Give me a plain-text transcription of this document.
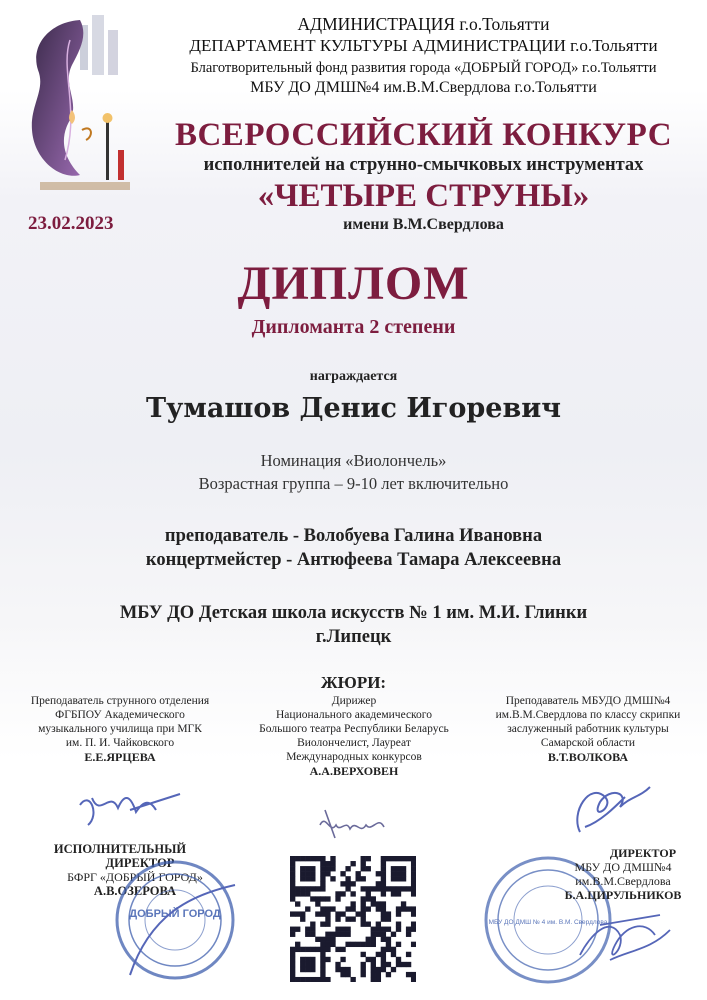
АДМИНИСТРАЦИЯ г.о.Тольятти
ДЕПАРТАМЕНТ КУЛЬТУРЫ АДМИНИСТРАЦИИ г.о.Тольятти
Благотворительный фонд развития города «ДОБРЫЙ ГОРОД» г.о.Тольятти
МБУ ДО ДМШ№4 им.В.М.Свердлова г.о.Тольятти
ВСЕРОССИЙСКИЙ КОНКУРС
исполнителей на струнно-смычковых инструментах
«ЧЕТЫРЕ СТРУНЫ»
имени В.М.Свердлова
23.02.2023
ДИПЛОМ
Дипломанта 2 степени
награждается
Тумашов Денис Игоревич
Номинация «Виолончель»
Возрастная группа – 9-10 лет включительно
преподаватель - Волобуева Галина Ивановна
концертмейстер - Антюфеева Тамара Алексеевна
МБУ ДО Детская школа искусств № 1 им. М.И. Глинки
г.Липецк
ЖЮРИ:
Преподаватель струнного отделения
ФГБПОУ Академического
музыкального училища при МГК
им. П. И. Чайковского
Е.Е.ЯРЦЕВА
Дирижер
Национального академического
Большого театра Республики Беларусь
Виолончелист, Лауреат
Международных конкурсов
А.А.ВЕРХОВЕН
Преподаватель МБУДО ДМШ№4
им.В.М.Свердлова по классу скрипки
заслуженный работник культуры
Самарской области
В.Т.ВОЛКОВА
ИСПОЛНИТЕЛЬНЫЙ
ДИРЕКТОР
БФРГ «ДОБРЫЙ ГОРОД»
А.В.ОЗЕРОВА
ДОБРЫЙ ГОРОД
МБУ ДО ДМШ № 4 им. В.М. Свердлова
ДИРЕКТОР
МБУ ДО ДМШ№4
им.В.М.Свердлова
Б.А.ЦИРУЛЬНИКОВ
